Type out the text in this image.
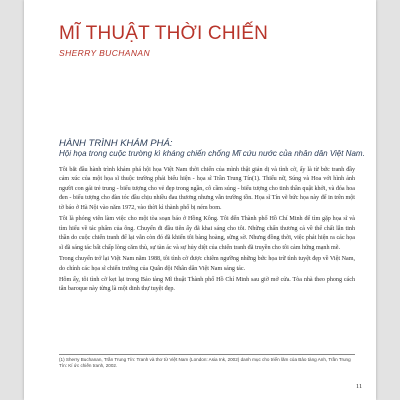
MĨ THUẬT THỜI CHIẾN
SHERRY BUCHANAN
HÀNH TRÌNH KHÁM PHÁ:
Hội họa trong cuộc trường kì kháng chiến chống Mĩ cứu nước của nhân dân Việt Nam.

Tôi bắt đầu hành trình khám phá hội họa Việt Nam thời chiến của mình thật giản dị và tình cờ, ấy là từ bức tranh đầy cảm xúc của một họa sĩ thuộc trường phái biểu hiện - họa sĩ Trần Trung Tín(1). Thiếu nữ, Súng và Hoa với hình ảnh người con gái trẻ trung - biểu tượng cho vẻ đẹp trong ngần, cô cầm súng - biểu tượng cho tinh thần quật khởi, và đóa hoa đen - biểu tượng cho đàn tóc đầu chịu nhiều đau thương nhưng vẫn trường tồn. Họa sĩ Tín vẽ bức họa này để in trên một tờ báo ở Hà Nội vào năm 1972, vào thời kì thành phố bị ném bom.

Tôi là phóng viên làm việc cho một tòa soạn báo ở Hồng Kông. Tôi đến Thành phố Hồ Chí Minh để tìm gặp họa sĩ và tìm hiểu về tác phẩm của ông. Chuyến đi đầu tiên ấy đã khai sáng cho tôi. Những chấn thương cả về thể chất lẫn tinh thần do cuộc chiến tranh để lại vẫn còn đó đã khiến tôi bàng hoàng, sững sờ. Nhưng đồng thời, việc phát hiện ra các họa sĩ đã sáng tác bất chấp lòng căm thù, sự tàn ác và sự hủy diệt của chiến tranh đã truyền cho tôi cảm hứng mạnh mẽ.

Trong chuyến trở lại Việt Nam năm 1988, tôi tình cờ được chiêm ngưỡng những bức họa trữ tình tuyệt đẹp về Việt Nam, do chính các họa sĩ chiến trường của Quân đội Nhân dân Việt Nam sáng tác.

Hôm ấy, tôi tình cờ kẹt lại trong Bảo tàng Mĩ thuật Thành phố Hồ Chí Minh sau giờ mở cửa. Tòa nhà theo phong cách tân baroque này từng là một dinh thự tuyệt đẹp.

(1) Sherry Buchanan, Trần Trung Tín: Tranh và thơ từ Việt Nam (London: Asia Ink, 2002) danh mục cho triển lãm của Bảo tàng Anh, Trần Trung Tín: Kí ức chiến tranh, 2002.
11
